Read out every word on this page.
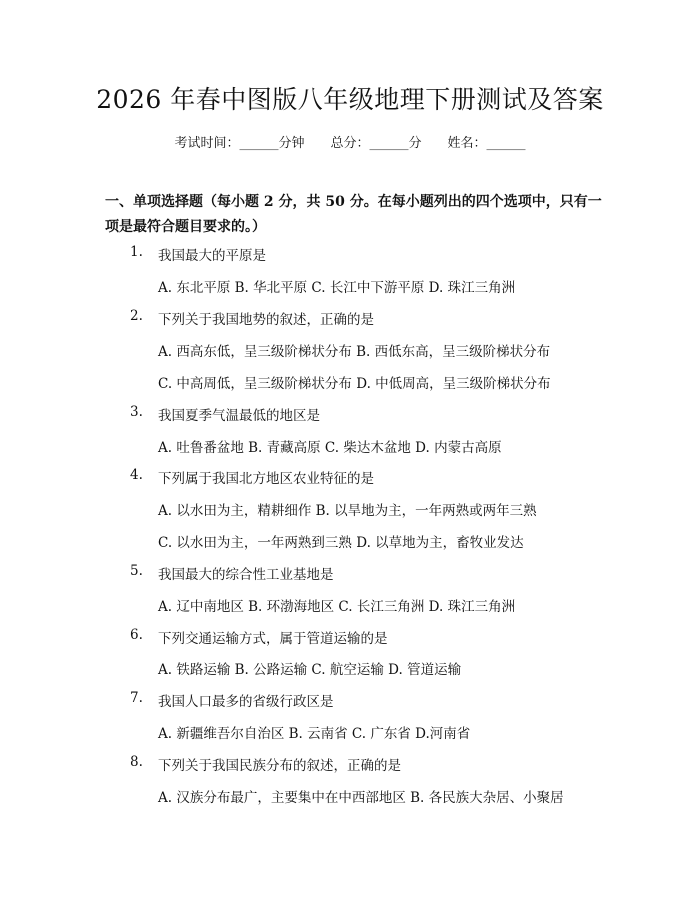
2026 年春中图版八年级地理下册测试及答案
考试时间：______分钟 总分：______分 姓名：______
一、单项选择题（每小题 2 分，共 50 分。在每小题列出的四个选项中，只有一项是最符合题目要求的。）
1. 我国最大的平原是
A. 东北平原 B. 华北平原 C. 长江中下游平原 D. 珠江三角洲
2. 下列关于我国地势的叙述，正确的是
A. 西高东低，呈三级阶梯状分布 B. 西低东高，呈三级阶梯状分布
C. 中高周低，呈三级阶梯状分布 D. 中低周高，呈三级阶梯状分布
3. 我国夏季气温最低的地区是
A. 吐鲁番盆地 B. 青藏高原 C. 柴达木盆地 D. 内蒙古高原
4. 下列属于我国北方地区农业特征的是
A. 以水田为主，精耕细作 B. 以旱地为主，一年两熟或两年三熟
C. 以水田为主，一年两熟到三熟 D. 以草地为主，畜牧业发达
5. 我国最大的综合性工业基地是
A. 辽中南地区 B. 环渤海地区 C. 长江三角洲 D. 珠江三角洲
6. 下列交通运输方式，属于管道运输的是
A. 铁路运输 B. 公路运输 C. 航空运输 D. 管道运输
7. 我国人口最多的省级行政区是
A. 新疆维吾尔自治区 B. 云南省 C. 广东省 D.河南省
8. 下列关于我国民族分布的叙述，正确的是
A. 汉族分布最广，主要集中在中西部地区 B. 各民族大杂居、小聚居
